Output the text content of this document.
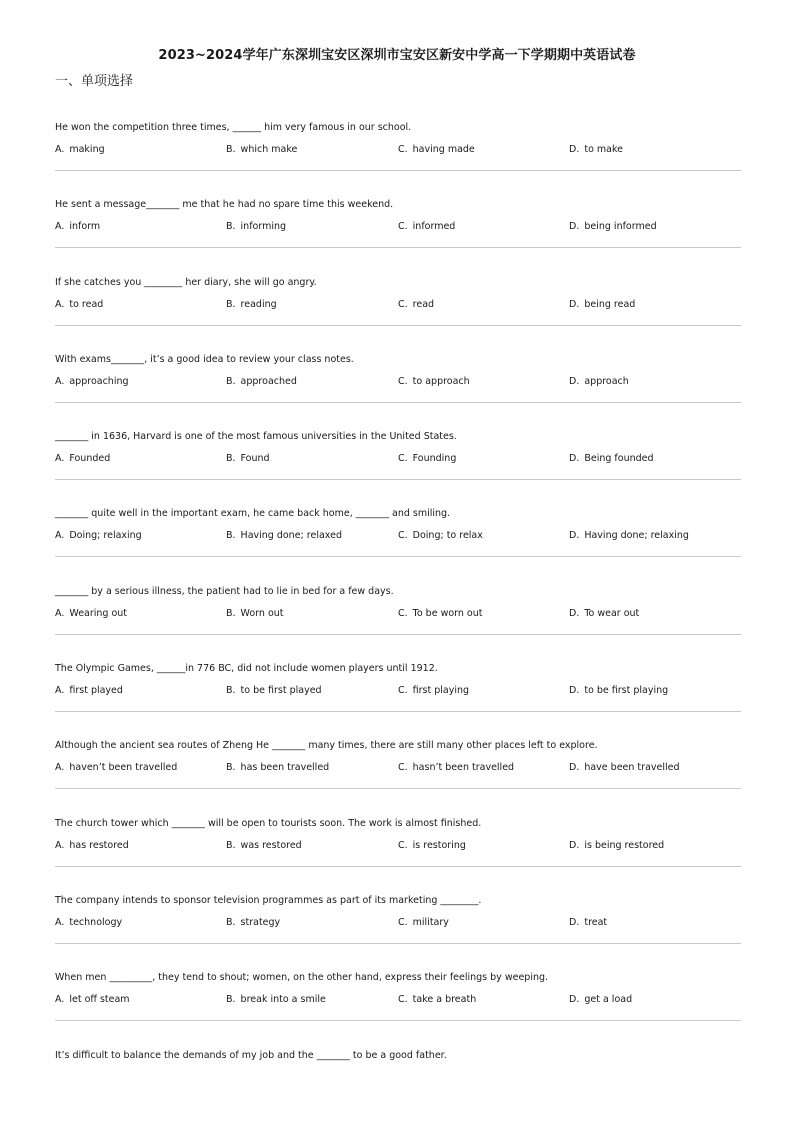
2023~2024学年广东深圳宝安区深圳市宝安区新安中学高一下学期期中英语试卷
一、单项选择
He won the competition three times, ______ him very famous in our school.
A. making	B. which make	C. having made	D. to make
He sent a message_______ me that he had no spare time this weekend.
A. inform	B. informing	C. informed	D. being informed
If she catches you ________ her diary, she will go angry.
A. to read	B. reading	C. read	D. being read
With exams_______, it’s a good idea to review your class notes.
A. approaching	B. approached	C. to approach	D. approach
_______ in 1636, Harvard is one of the most famous universities in the United States.
A. Founded	B. Found	C. Founding	D. Being founded
_______ quite well in the important exam, he came back home, _______ and smiling.
A. Doing; relaxing	B. Having done; relaxed	C. Doing; to relax	D. Having done; relaxing
_______ by a serious illness, the patient had to lie in bed for a few days.
A. Wearing out	B. Worn out	C. To be worn out	D. To wear out
The Olympic Games, ______in 776 BC, did not include women players until 1912.
A. first played	B. to be first played	C. first playing	D. to be first playing
Although the ancient sea routes of Zheng He _______ many times, there are still many other places left to explore.
A. haven’t been travelled	B. has been travelled	C. hasn’t been travelled	D. have been travelled
The church tower which _______ will be open to tourists soon. The work is almost finished.
A. has restored	B. was restored	C. is restoring	D. is being restored
The company intends to sponsor television programmes as part of its marketing ________.
A. technology	B. strategy	C. military	D. treat
When men _________, they tend to shout; women, on the other hand, express their feelings by weeping.
A. let off steam	B. break into a smile	C. take a breath	D. get a load
It’s difficult to balance the demands of my job and the _______ to be a good father.
